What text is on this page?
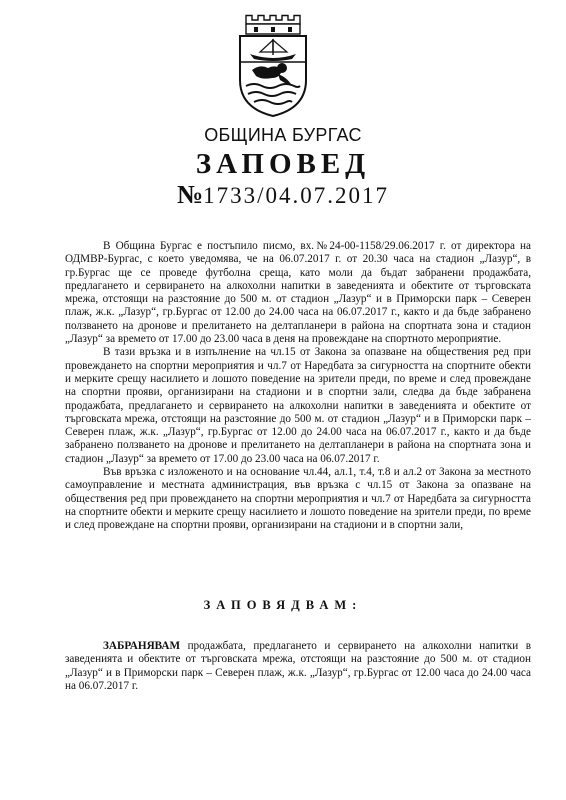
ОБЩИНА БУРГАС
ЗАПОВЕД
№1733/04.07.2017

В Община Бургас е постъпило писмо, вх.№24-00-1158/29.06.2017 г. от директора на ОДМВР-Бургас, с което уведомява, че на 06.07.2017 г. от 20.30 часа на стадион „Лазур“, в гр.Бургас ще се проведе футболна среща, като моли да бъдат забранени продажбата, предлагането и сервирането на алкохолни напитки в заведенията и обектите от търговската мрежа, отстоящи на разстояние до 500 м. от стадион „Лазур“ и в Приморски парк – Северен плаж, ж.к. „Лазур“, гр.Бургас от 12.00 до 24.00 часа на 06.07.2017 г., както и да бъде забранено ползването на дронове и прелитането на делтапланери в района на спортната зона и стадион „Лазур“ за времето от 17.00 до 23.00 часа в деня на провеждане на спортното мероприятие.

В тази връзка и в изпълнение на чл.15 от Закона за опазване на обществения ред при провеждането на спортни мероприятия и чл.7 от Наредбата за сигурността на спортните обекти и мерките срещу насилието и лошото поведение на зрители преди, по време и след провеждане на спортни прояви, организирани на стадиони и в спортни зали, следва да бъде забранена продажбата, предлагането и сервирането на алкохолни напитки в заведенията и обектите от търговската мрежа, отстоящи на разстояние до 500 м. от стадион „Лазур“ и в Приморски парк – Северен плаж, ж.к. „Лазур“, гр.Бургас от 12.00 до 24.00 часа на 06.07.2017 г., както и да бъде забранено ползването на дронове и прелитането на делтапланери в района на спортната зона и стадион „Лазур“ за времето от 17.00 до 23.00 часа на 06.07.2017 г.

Във връзка с изложеното и на основание чл.44, ал.1, т.4, т.8 и ал.2 от Закона за местното самоуправление и местната администрация, във връзка с чл.15 от Закона за опазване на обществения ред при провеждането на спортни мероприятия и чл.7 от Наредбата за сигурността на спортните обекти и мерките срещу насилието и лошото поведение на зрители преди, по време и след провеждане на спортни прояви, организирани на стадиони и в спортни зали,

ЗАПОВЯДВАМ:

ЗАБРАНЯВАМ продажбата, предлагането и сервирането на алкохолни напитки в заведенията и обектите от търговската мрежа, отстоящи на разстояние до 500 м. от стадион „Лазур“ и в Приморски парк – Северен плаж, ж.к. „Лазур“, гр.Бургас от 12.00 часа до 24.00 часа на 06.07.2017 г.
